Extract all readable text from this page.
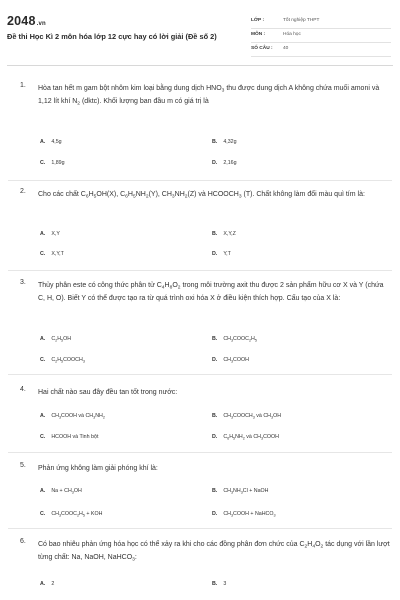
2048.vn
Đề thi Học Kì 2 môn hóa lớp 12 cực hay có lời giải (Đề số 2)
LỚP :	Tốt nghiệp THPT
MÔN :	Hóa học
SỐ CÂU :	40
1. Hòa tan hết m gam bột nhôm kim loại bằng dung dịch $HNO_3$ thu được dung dịch A không chứa muối amoni và 1,12 lít khí $N_2$ (dktc). Khối lượng ban đầu m có giá trị là
A. 4,5g	B. 4,32g
C. 1,89g	D. 2,16g
2. Cho các chất $C_6H_5OH(X)$, $C_6H_5NH_2(Y)$, $CH_3NH_2(Z)$ và $HCOOCH_3$ (T). Chất không làm đổi màu quì tím là:
A. X,Y	B. X,Y,Z
C. X,Y,T	D. Y,T
3. Thủy phân este có công thức phân tử $C_4H_8O_2$ trong môi trường axit thu được 2 sản phẩm hữu cơ X và Y (chứa C, H, O). Biết Y có thể được tạo ra từ quá trình oxi hóa X ở điều kiện thích hợp. Cấu tạo của X là:
A. $C_2H_5OH$	B. $CH_3COOC_2H_5$
C. $C_2H_5COOCH_3$	D. $CH_3COOH$
4. Hai chất nào sau đây đều tan tốt trong nước:
A. $CH_3COOH$ và $CH_3NH_2$	B. $CH_3COOCH_3$ và $CH_3OH$
C. HCOOH và Tinh bột	D. $C_6H_5NH_2$ và $CH_3COOH$
5. Phản ứng không làm giải phóng khí là:
A. $Na + CH_3OH$	B. $CH_3NH_3Cl$ + NaOH
C. $CH_3COOC_2H_5$ + KOH	D. $CH_3COOH$ + NaHCO$_3$
6. Có bao nhiêu phản ứng hóa học có thể xảy ra khi cho các đồng phân đơn chức của $C_2H_4O_2$ tác dụng với lần lượt từng chất: Na, NaOH, NaHCO$_3$:
A. 2	B. 3
